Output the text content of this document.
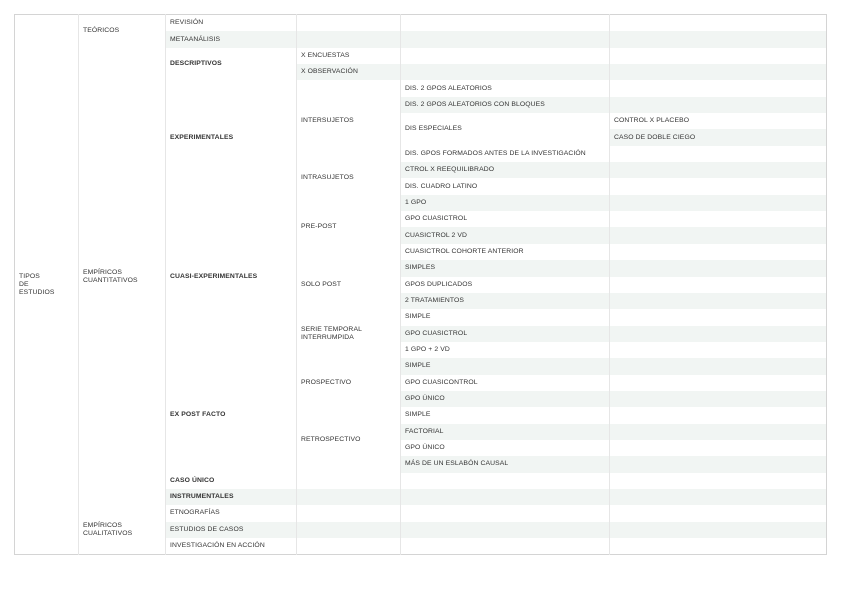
TIPOS
DE
ESTUDIOS	TEÓRICOS	REVISIÓN			
		METAANÁLISIS			

	EMPÍRICOS
CUANTITATIVOS	DESCRIPTIVOS	X ENCUESTAS		
			X OBSERVACIÓN		
		EXPERIMENTALES	INTERSUJETOS	DIS. 2 GPOS ALEATORIOS	
				DIS. 2 GPOS ALEATORIOS CON BLOQUES	
				DIS ESPECIALES	CONTROL X PLACEBO
					CASO DE DOBLE CIEGO
				DIS. GPOS FORMADOS ANTES DE LA INVESTIGACIÓN	
			INTRASUJETOS	CTROL X REEQUILIBRADO	
				DIS. CUADRO LATINO	
		CUASI-EXPERIMENTALES	PRE-POST	1 GPO	
				GPO CUASICTROL	
				CUASICTROL 2 VD	
				CUASICTROL COHORTE ANTERIOR	
			SOLO POST	SIMPLES	
				GPOS DUPLICADOS	
				2 TRATAMIENTOS	

			SERIE TEMPORAL
INTERRUMPIDA	SIMPLE	
				GPO CUASICTROL	
				1 GPO + 2 VD	
		EX POST FACTO	PROSPECTIVO	SIMPLE	
				GPO CUASICONTROL	
				GPO ÚNICO	
			RETROSPECTIVO	SIMPLE	
				FACTORIAL	
				GPO ÚNICO	
				MÁS DE UN ESLABÓN CAUSAL	
		CASO ÚNICO			
		INSTRUMENTALES			

	EMPÍRICOS
CUALITATIVOS	ETNOGRAFÍAS			
		ESTUDIOS DE CASOS			
		INVESTIGACIÓN EN ACCIÓN			
